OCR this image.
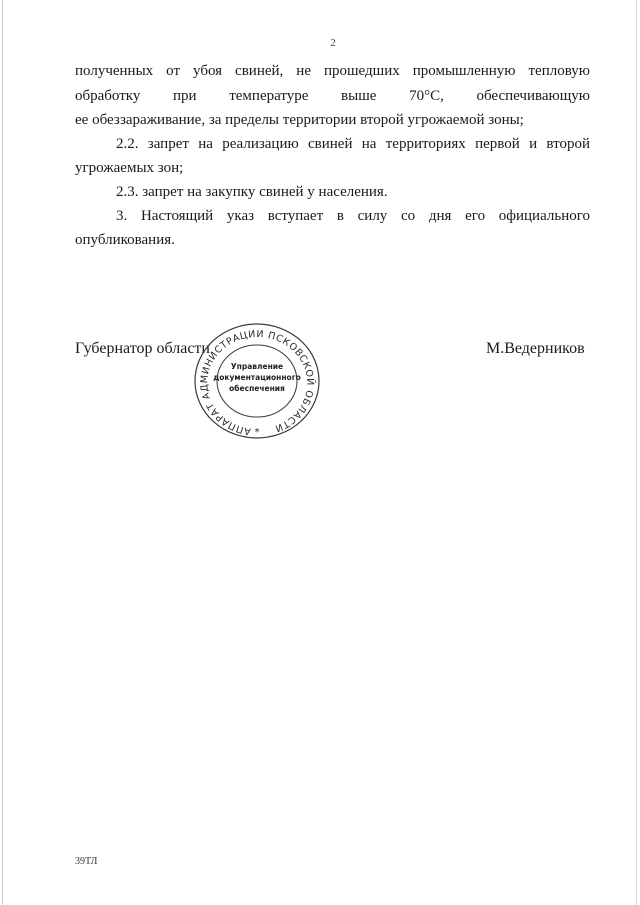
2
полученных от убоя свиней, не прошедших промышленную тепловую
обработку при температуре выше 70°С, обеспечивающую
ее обеззараживание, за пределы территории второй угрожаемой зоны;
2.2. запрет на реализацию свиней на территориях первой и второй
угрожаемых зон;
2.3. запрет на закупку свиней у населения.
3. Настоящий указ вступает в силу со дня его официального
опубликования.
Губернатор области	М.Ведерников
АППАРАТ АДМИНИСТРАЦИИ ПСКОВСКОЙ ОБЛАСТИ
Управление
документационного
обеспечения
*
39ТЛ
